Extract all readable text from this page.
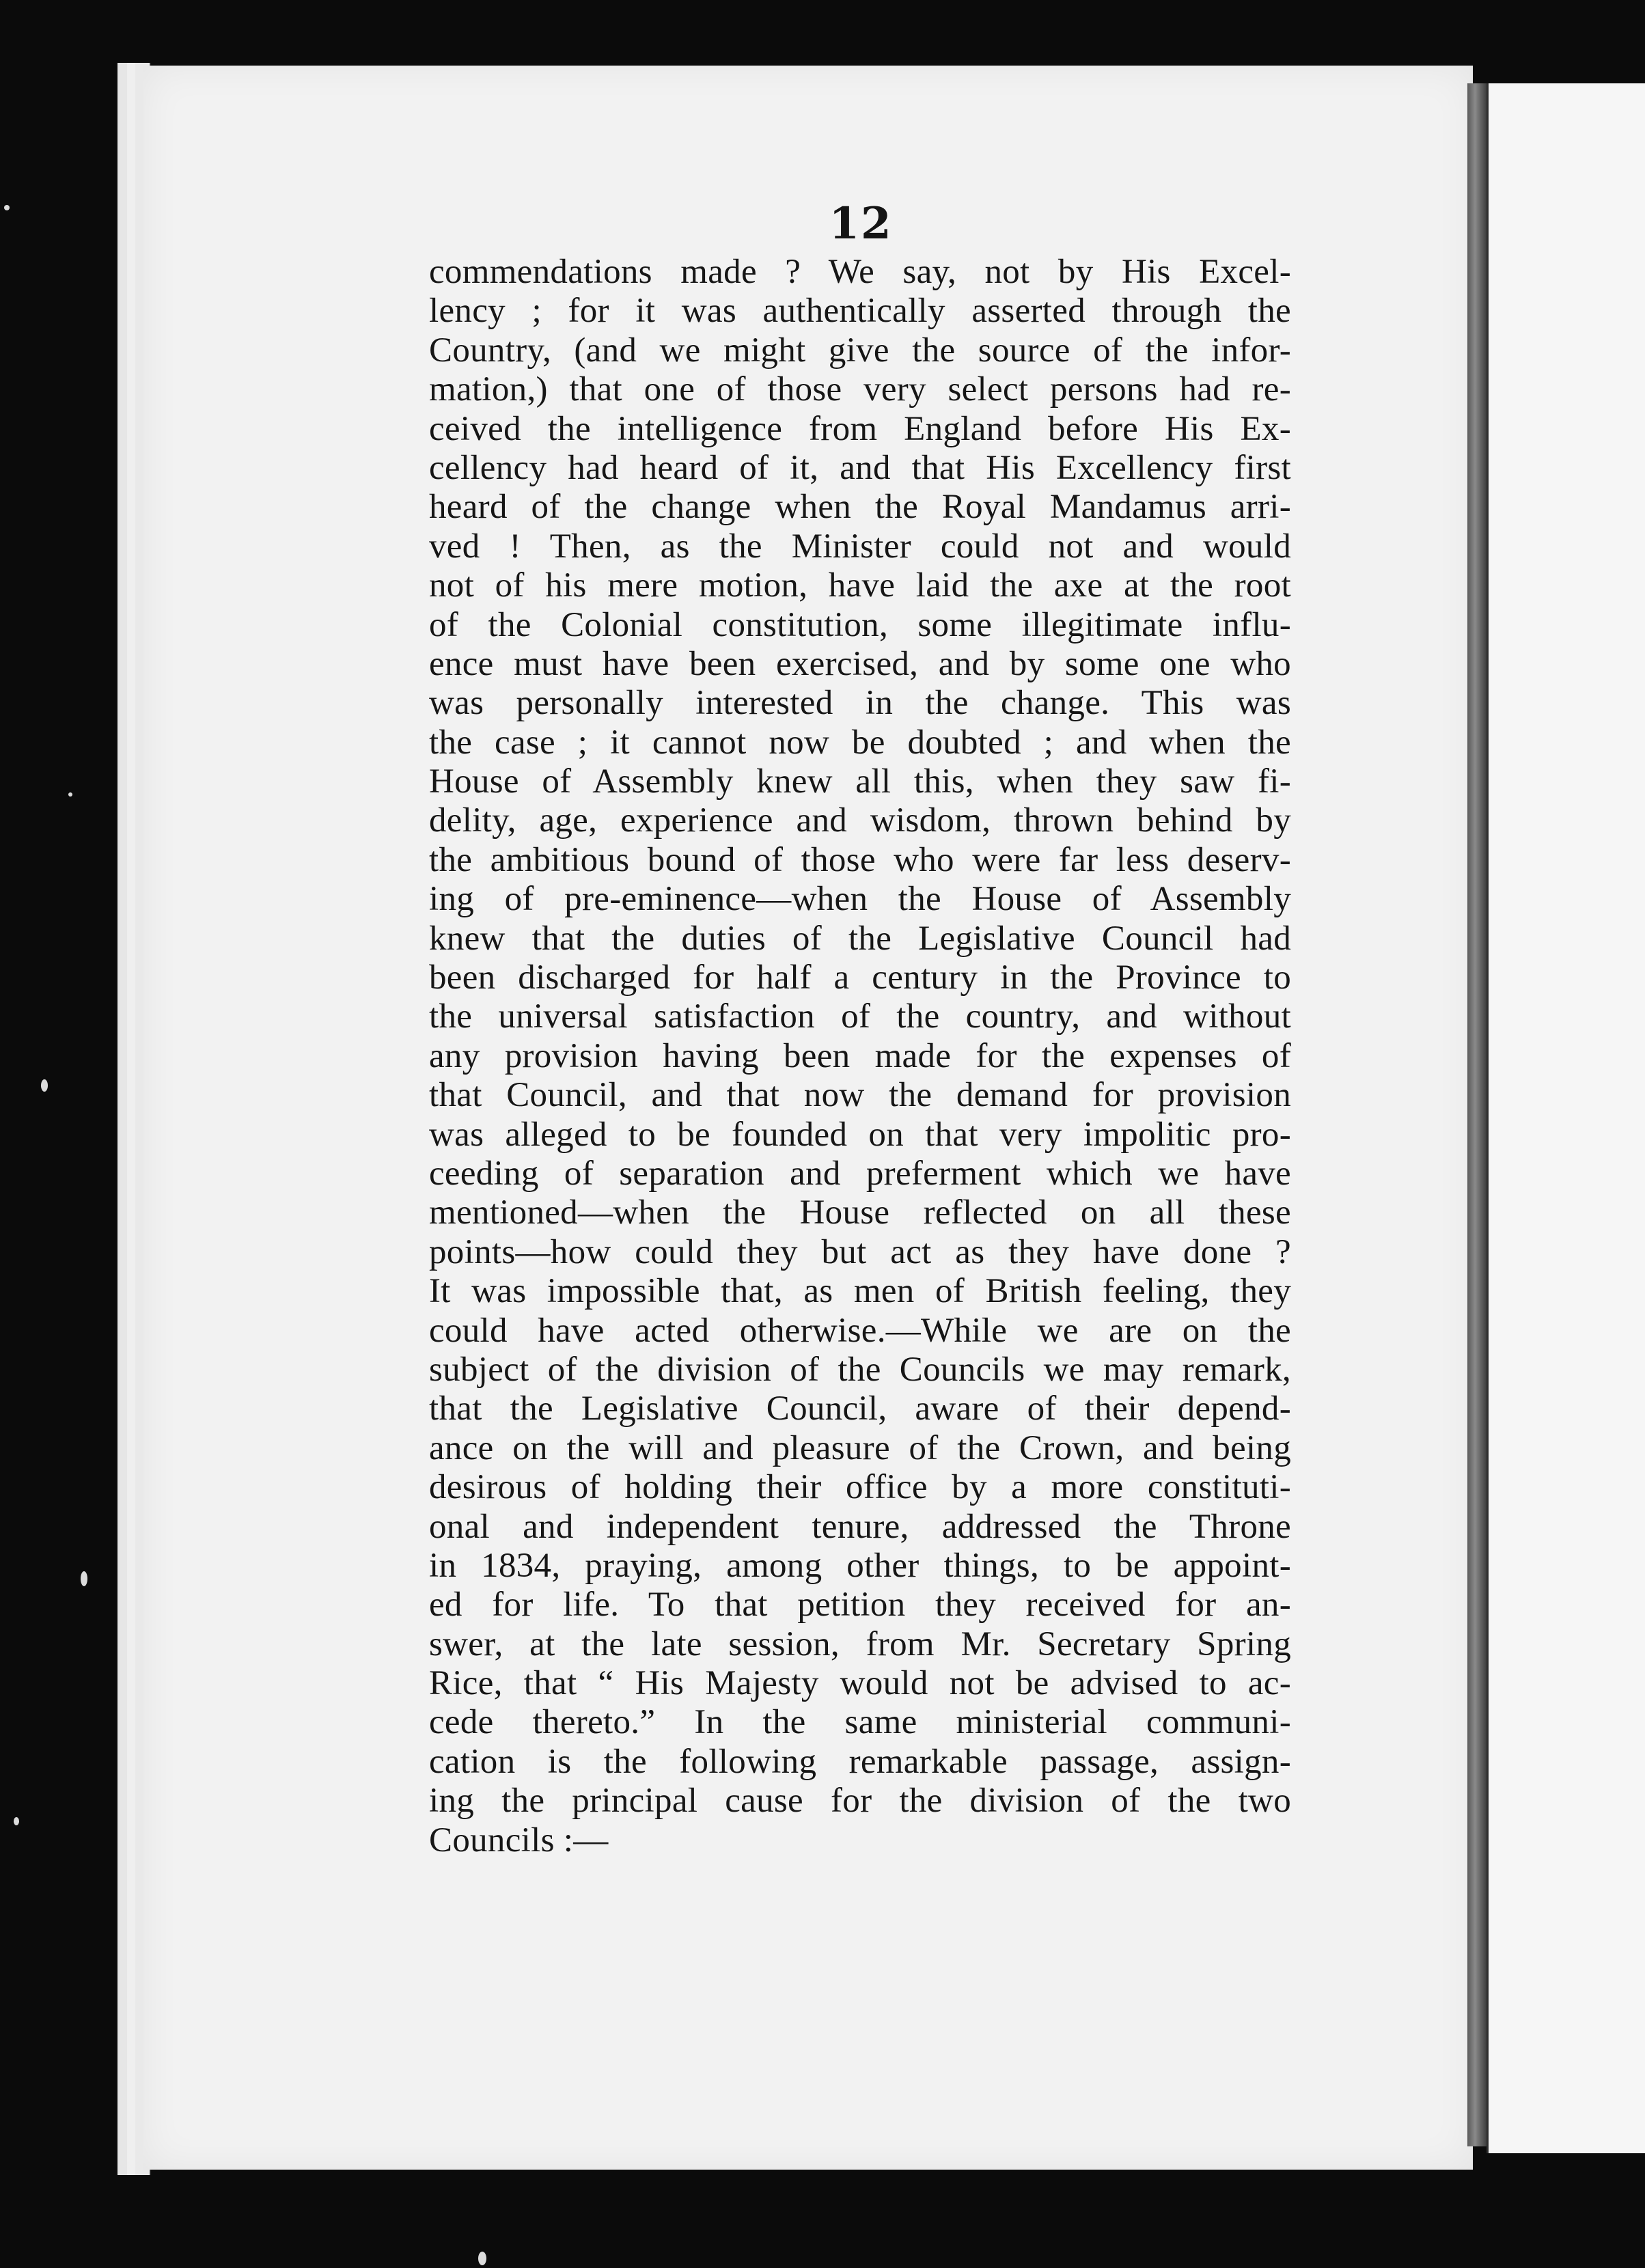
12
commendations made ? We say, not by His Excel-
lency ; for it was authentically asserted through the
Country, (and we might give the source of the infor-
mation,) that one of those very select persons had re-
ceived the intelligence from England before His Ex-
cellency had heard of it, and that His Excellency first
heard of the change when the Royal Mandamus arri-
ved ! Then, as the Minister could not and would
not of his mere motion, have laid the axe at the root
of the Colonial constitution, some illegitimate influ-
ence must have been exercised, and by some one who
was personally interested in the change. This was
the case ; it cannot now be doubted ; and when the
House of Assembly knew all this, when they saw fi-
delity, age, experience and wisdom, thrown behind by
the ambitious bound of those who were far less deserv-
ing of pre-eminence—when the House of Assembly
knew that the duties of the Legislative Council had
been discharged for half a century in the Province to
the universal satisfaction of the country, and without
any provision having been made for the expenses of
that Council, and that now the demand for provision
was alleged to be founded on that very impolitic pro-
ceeding of separation and preferment which we have
mentioned—when the House reflected on all these
points—how could they but act as they have done ?
It was impossible that, as men of British feeling, they
could have acted otherwise.—While we are on the
subject of the division of the Councils we may remark,
that the Legislative Council, aware of their depend-
ance on the will and pleasure of the Crown, and being
desirous of holding their office by a more constituti-
onal and independent tenure, addressed the Throne
in 1834, praying, among other things, to be appoint-
ed for life. To that petition they received for an-
swer, at the late session, from Mr. Secretary Spring
Rice, that “ His Majesty would not be advised to ac-
cede thereto.” In the same ministerial communi-
cation is the following remarkable passage, assign-
ing the principal cause for the division of the two
Councils :—
